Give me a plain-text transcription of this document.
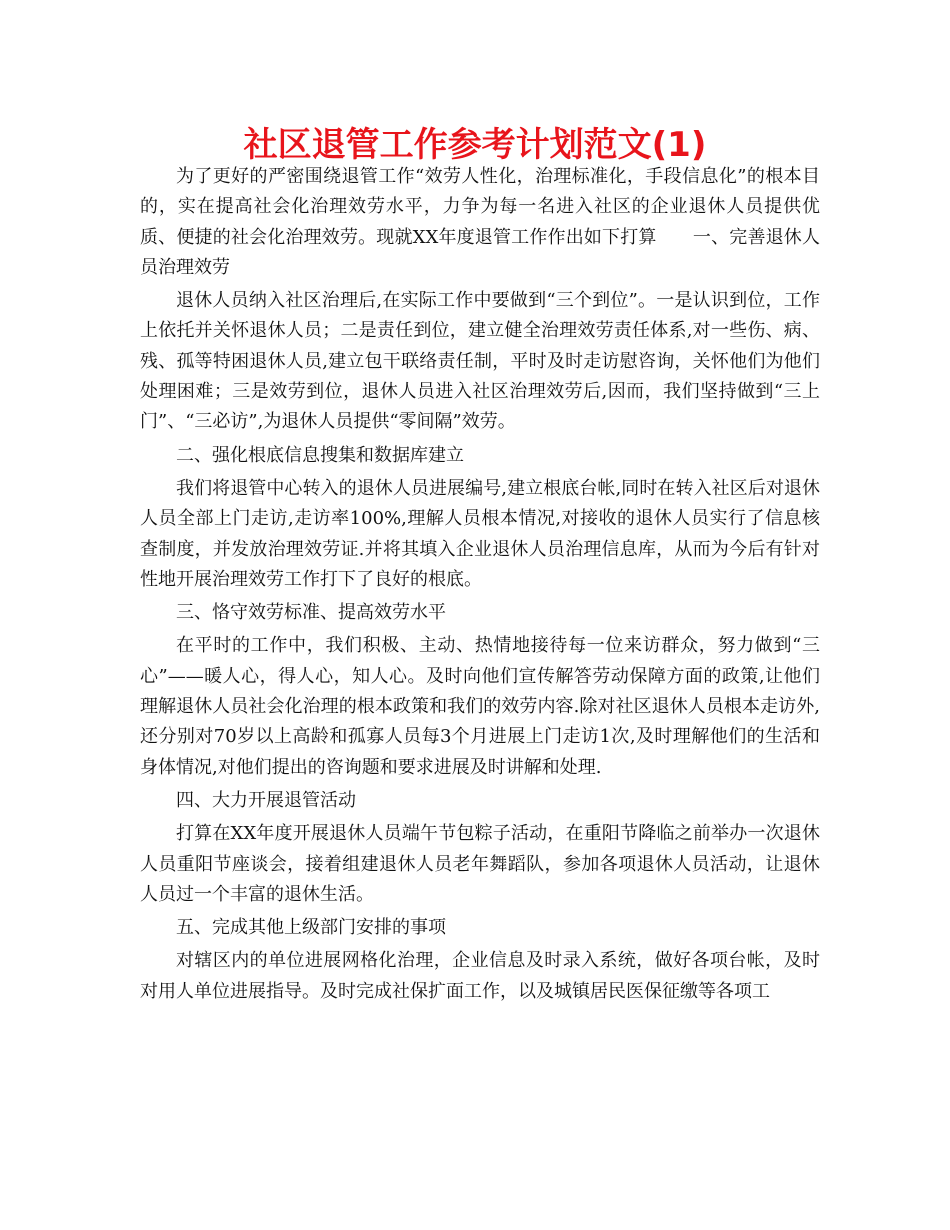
社区退管工作参考计划范文(1)

为了更好的严密围绕退管工作“效劳人性化，治理标准化，手段信息化”的根本目的，实在提高社会化治理效劳水平，力争为每一名进入社区的企业退休人员提供优质、便捷的社会化治理效劳。现就XX年度退管工作作出如下打算　　一、完善退休人员治理效劳

退休人员纳入社区治理后,在实际工作中要做到“三个到位”。一是认识到位，工作上依托并关怀退休人员；二是责任到位，建立健全治理效劳责任体系,对一些伤、病、残、孤等特困退休人员,建立包干联络责任制，平时及时走访慰咨询，关怀他们为他们处理困难；三是效劳到位，退休人员进入社区治理效劳后,因而，我们坚持做到“三上门”、“三必访”,为退休人员提供“零间隔”效劳。

二、强化根底信息搜集和数据库建立

我们将退管中心转入的退休人员进展编号,建立根底台帐,同时在转入社区后对退休人员全部上门走访,走访率100%,理解人员根本情况,对接收的退休人员实行了信息核查制度，并发放治理效劳证.并将其填入企业退休人员治理信息库，从而为今后有针对性地开展治理效劳工作打下了良好的根底。

三、恪守效劳标准、提高效劳水平

在平时的工作中，我们积极、主动、热情地接待每一位来访群众，努力做到“三心”——暖人心，得人心，知人心。及时向他们宣传解答劳动保障方面的政策,让他们理解退休人员社会化治理的根本政策和我们的效劳内容.除对社区退休人员根本走访外,还分别对70岁以上高龄和孤寡人员每3个月进展上门走访1次,及时理解他们的生活和身体情况,对他们提出的咨询题和要求进展及时讲解和处理.

四、大力开展退管活动

打算在XX年度开展退休人员端午节包粽子活动，在重阳节降临之前举办一次退休人员重阳节座谈会，接着组建退休人员老年舞蹈队，参加各项退休人员活动，让退休人员过一个丰富的退休生活。

五、完成其他上级部门安排的事项

对辖区内的单位进展网格化治理，企业信息及时录入系统，做好各项台帐，及时对用人单位进展指导。及时完成社保扩面工作，以及城镇居民医保征缴等各项工
